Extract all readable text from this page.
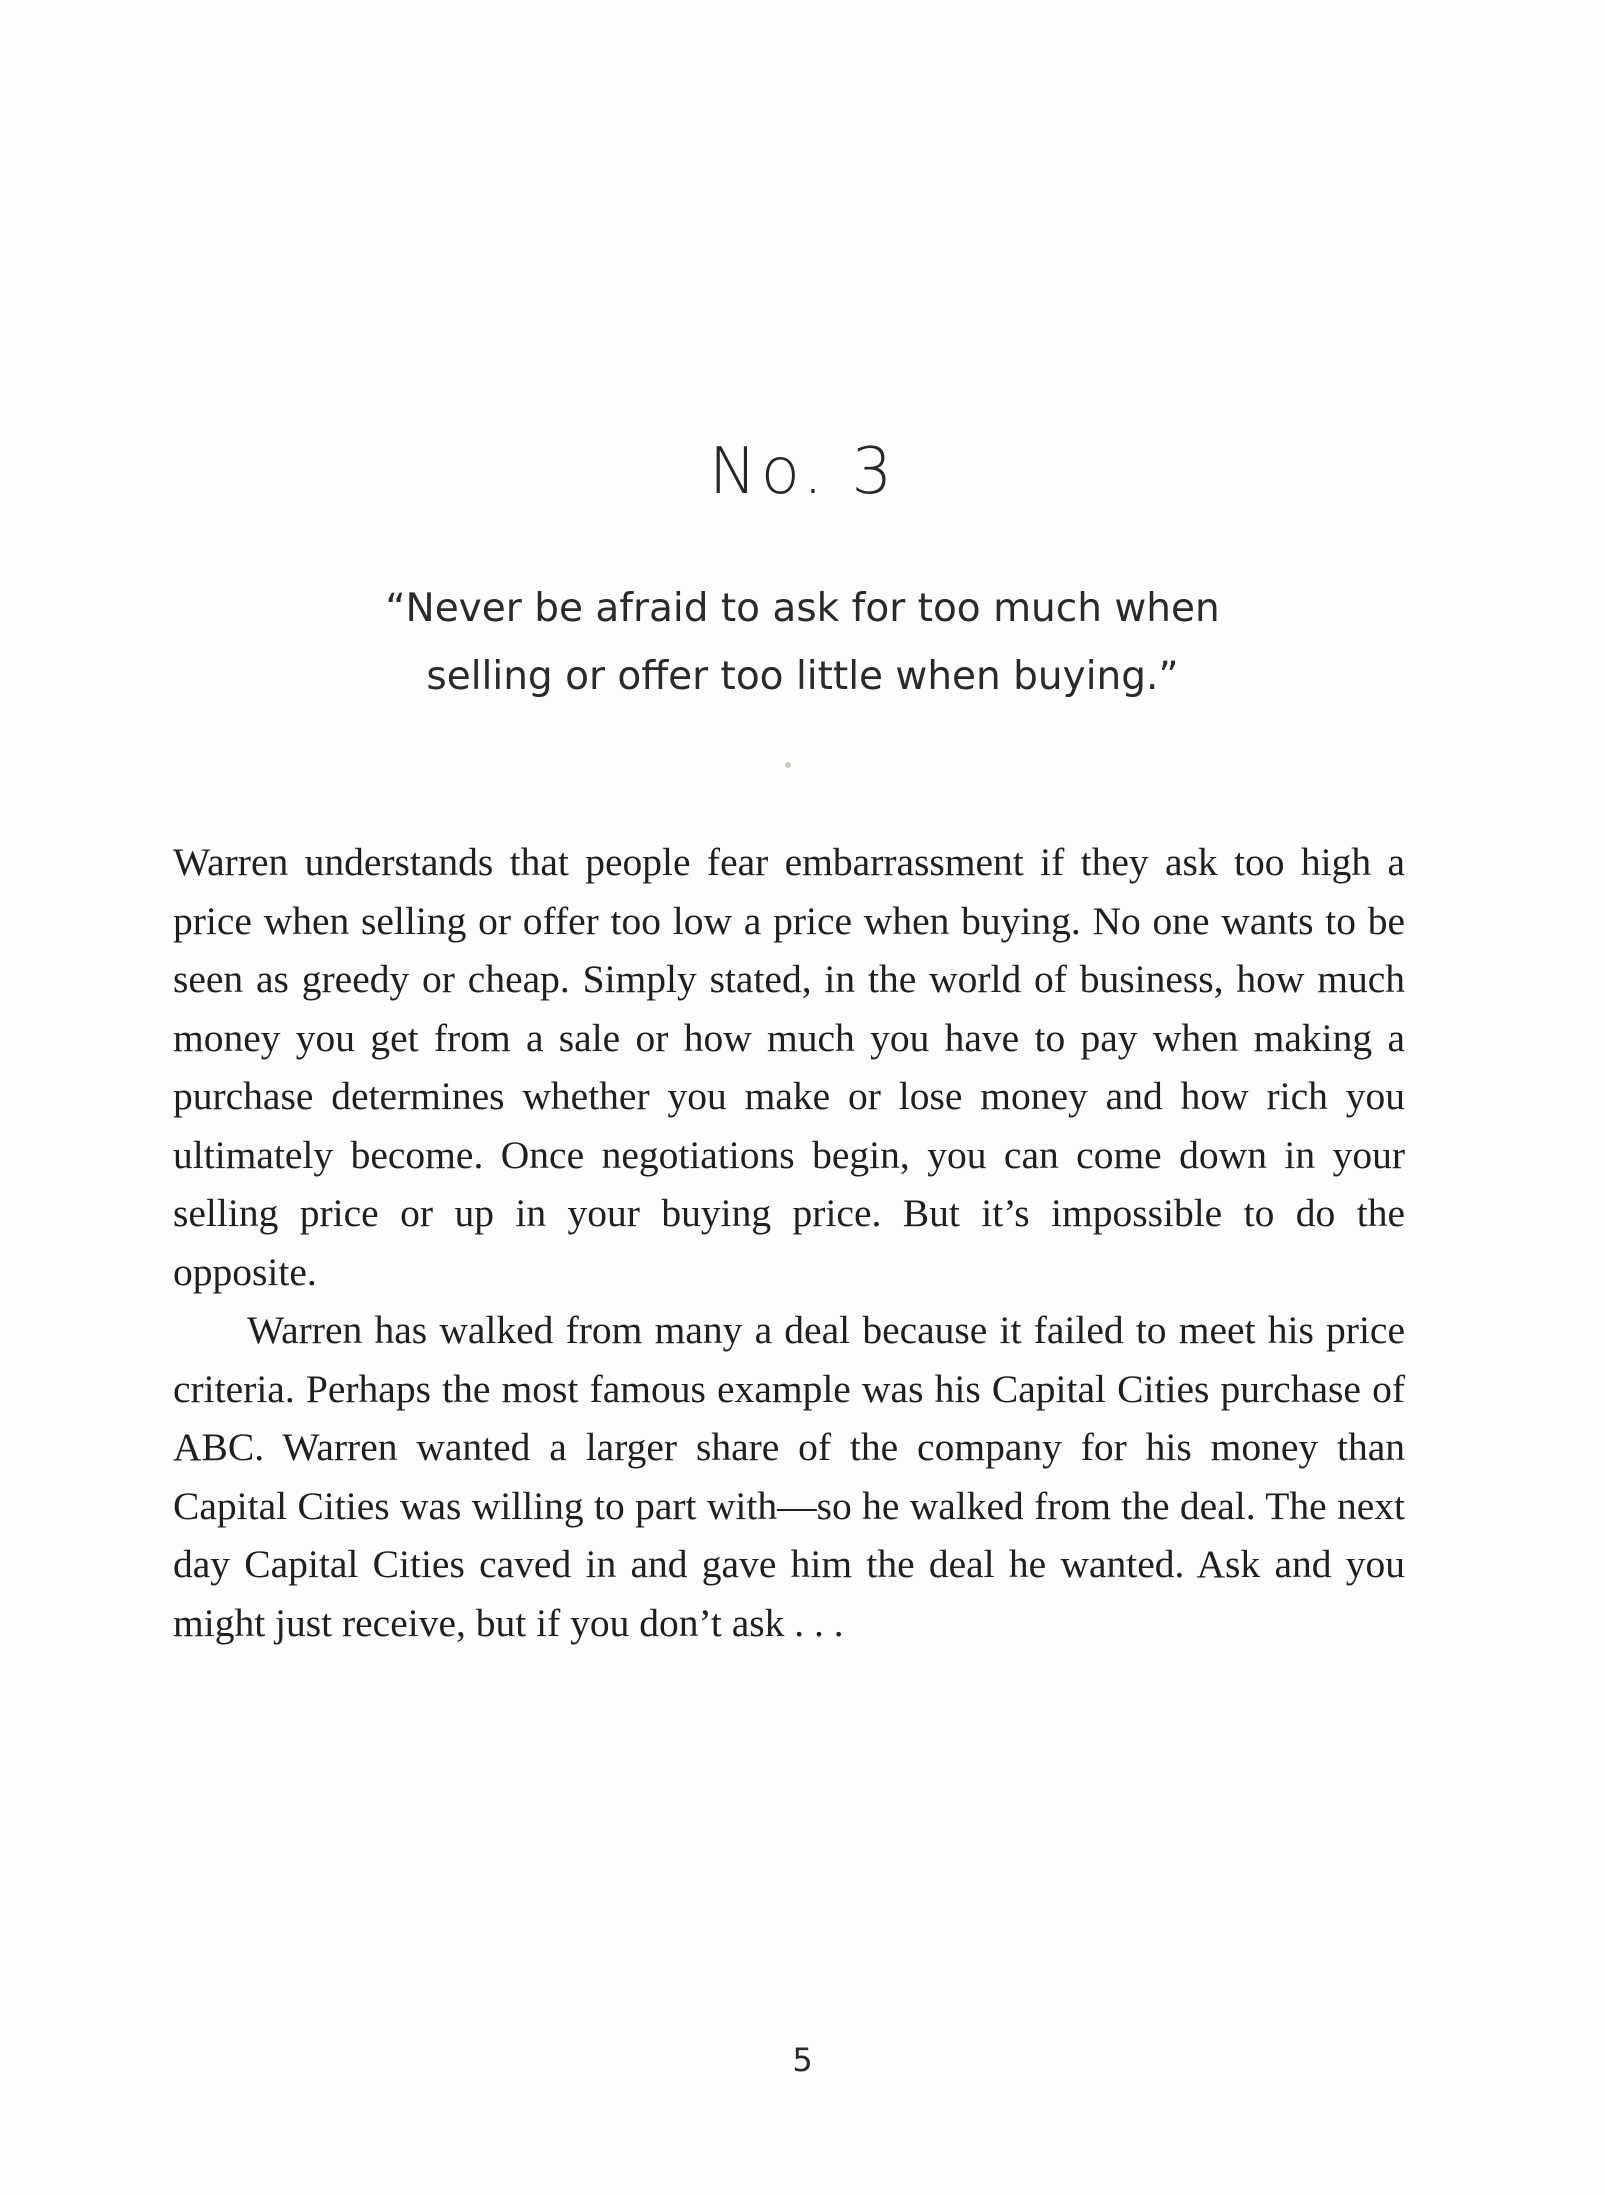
No. 3
“Never be afraid to ask for too much when
selling or offer too little when buying.”

Warren understands that people fear embarrassment if they ask too high a price when selling or offer too low a price when buying. No one wants to be seen as greedy or cheap. Simply stated, in the world of business, how much money you get from a sale or how much you have to pay when making a purchase determines whether you make or lose money and how rich you ultimately become. Once negotiations begin, you can come down in your selling price or up in your buying price. But it’s impossible to do the opposite.

Warren has walked from many a deal because it failed to meet his price criteria. Perhaps the most famous example was his Capital Cities purchase of ABC. Warren wanted a larger share of the company for his money than Capital Cities was willing to part with—so he walked from the deal. The next day Capital Cities caved in and gave him the deal he wanted. Ask and you might just receive, but if you don’t ask . . .

5
